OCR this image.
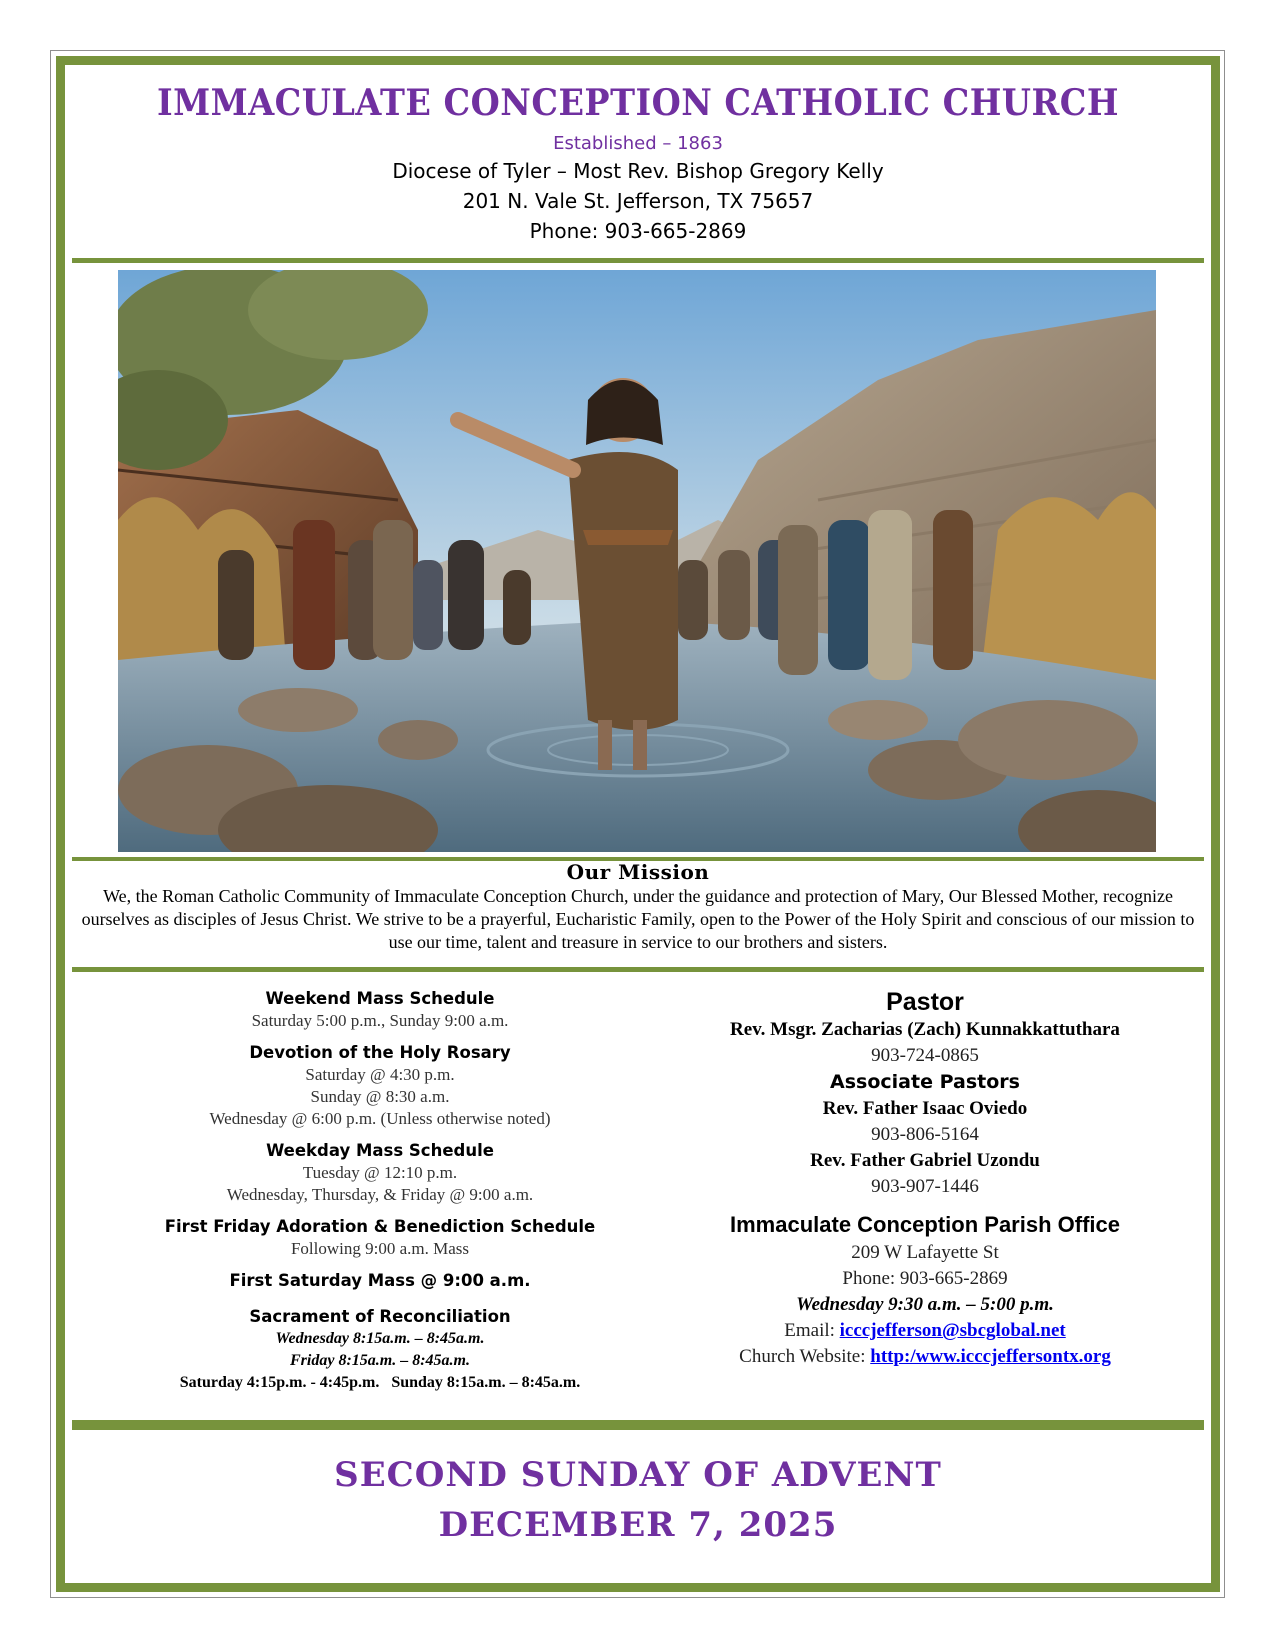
IMMACULATE CONCEPTION CATHOLIC CHURCH
Established – 1863
Diocese of Tyler – Most Rev. Bishop Gregory Kelly
201 N. Vale St. Jefferson, TX 75657
Phone: 903-665-2869
Our Mission
We, the Roman Catholic Community of Immaculate Conception Church, under the guidance and protection of Mary, Our Blessed Mother, recognize ourselves as disciples of Jesus Christ. We strive to be a prayerful, Eucharistic Family, open to the Power of the Holy Spirit and conscious of our mission to use our time, talent and treasure in service to our brothers and sisters.
Weekend Mass Schedule
Saturday 5:00 p.m., Sunday 9:00 a.m.
Devotion of the Holy Rosary
Saturday @ 4:30 p.m.
Sunday @ 8:30 a.m.
Wednesday @ 6:00 p.m. (Unless otherwise noted)
Weekday Mass Schedule
Tuesday @ 12:10 p.m.
Wednesday, Thursday, & Friday @ 9:00 a.m.
First Friday Adoration & Benediction Schedule
Following 9:00 a.m. Mass
First Saturday Mass @ 9:00 a.m.
Sacrament of Reconciliation
Wednesday 8:15a.m. – 8:45a.m.
Friday 8:15a.m. – 8:45a.m.
Saturday 4:15p.m. - 4:45p.m.   Sunday 8:15a.m. – 8:45a.m.
Pastor
Rev. Msgr. Zacharias (Zach) Kunnakkattuthara
903-724-0865
Associate Pastors
Rev. Father Isaac Oviedo
903-806-5164
Rev. Father Gabriel Uzondu
903-907-1446
Immaculate Conception Parish Office
209 W Lafayette St
Phone: 903-665-2869
Wednesday 9:30 a.m. – 5:00 p.m.
Email: icccjefferson@sbcglobal.net
Church Website: http:/www.icccjeffersontx.org
SECOND SUNDAY OF ADVENT
DECEMBER 7, 2025
